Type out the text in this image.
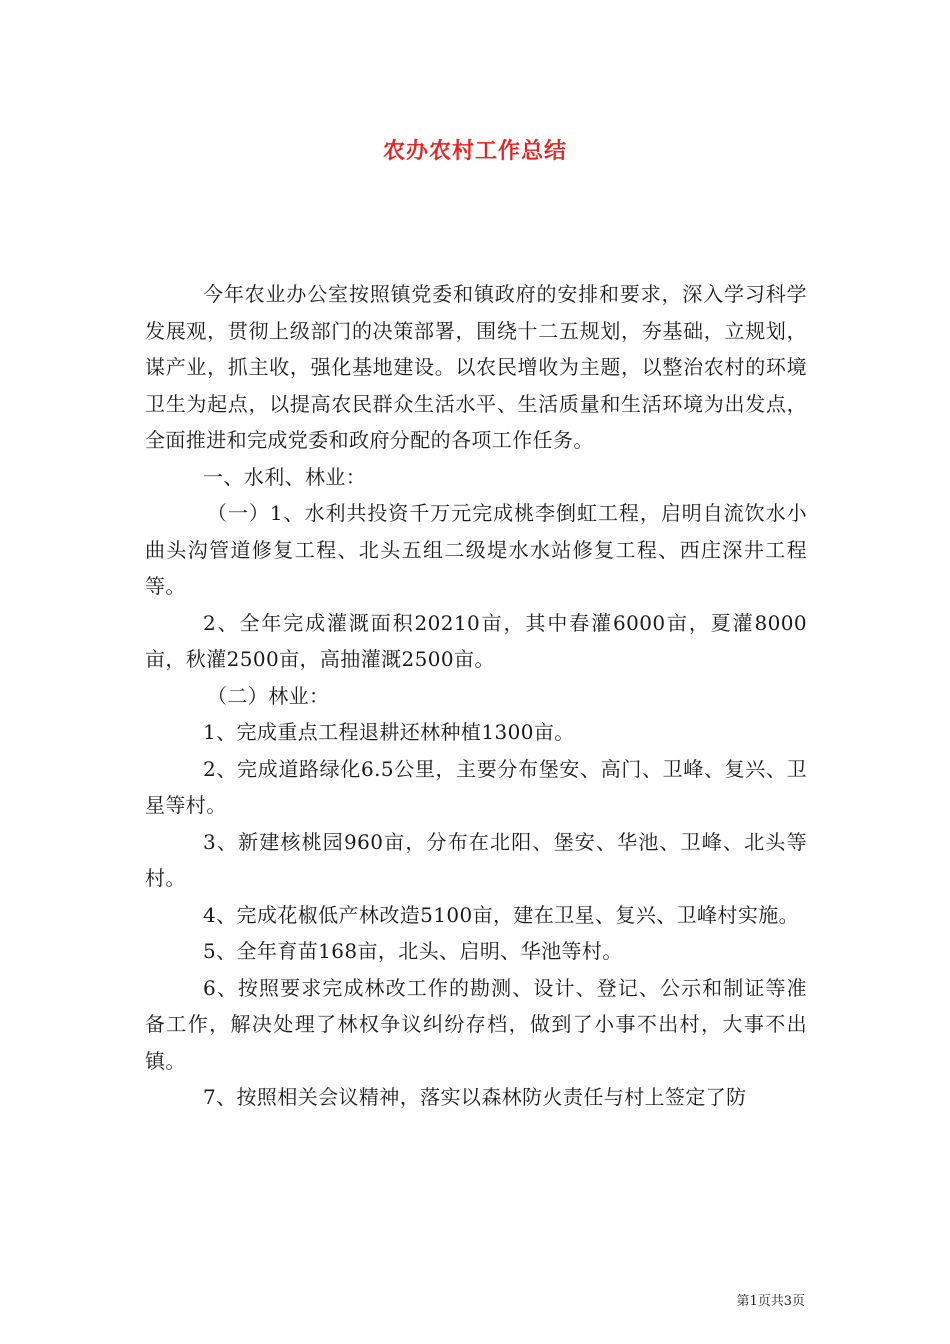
农办农村工作总结

今年农业办公室按照镇党委和镇政府的安排和要求，深入学习科学发展观，贯彻上级部门的决策部署，围绕十二五规划，夯基础，立规划，谋产业，抓主收，强化基地建设。以农民增收为主题，以整治农村的环境卫生为起点，以提高农民群众生活水平、生活质量和生活环境为出发点，全面推进和完成党委和政府分配的各项工作任务。

一、水利、林业：

（一）1、水利共投资千万元完成桃李倒虹工程，启明自流饮水小曲头沟管道修复工程、北头五组二级堤水水站修复工程、西庄深井工程等。

2、全年完成灌溉面积20210亩，其中春灌6000亩，夏灌8000亩，秋灌2500亩，高抽灌溉2500亩。

（二）林业：

1、完成重点工程退耕还林种植1300亩。

2、完成道路绿化6.5公里，主要分布堡安、高门、卫峰、复兴、卫星等村。

3、新建核桃园960亩，分布在北阳、堡安、华池、卫峰、北头等村。

4、完成花椒低产林改造5100亩，建在卫星、复兴、卫峰村实施。

5、全年育苗168亩，北头、启明、华池等村。

6、按照要求完成林改工作的勘测、设计、登记、公示和制证等准备工作，解决处理了林权争议纠纷存档，做到了小事不出村，大事不出镇。

7、按照相关会议精神，落实以森林防火责任与村上签定了防

第1页共3页
